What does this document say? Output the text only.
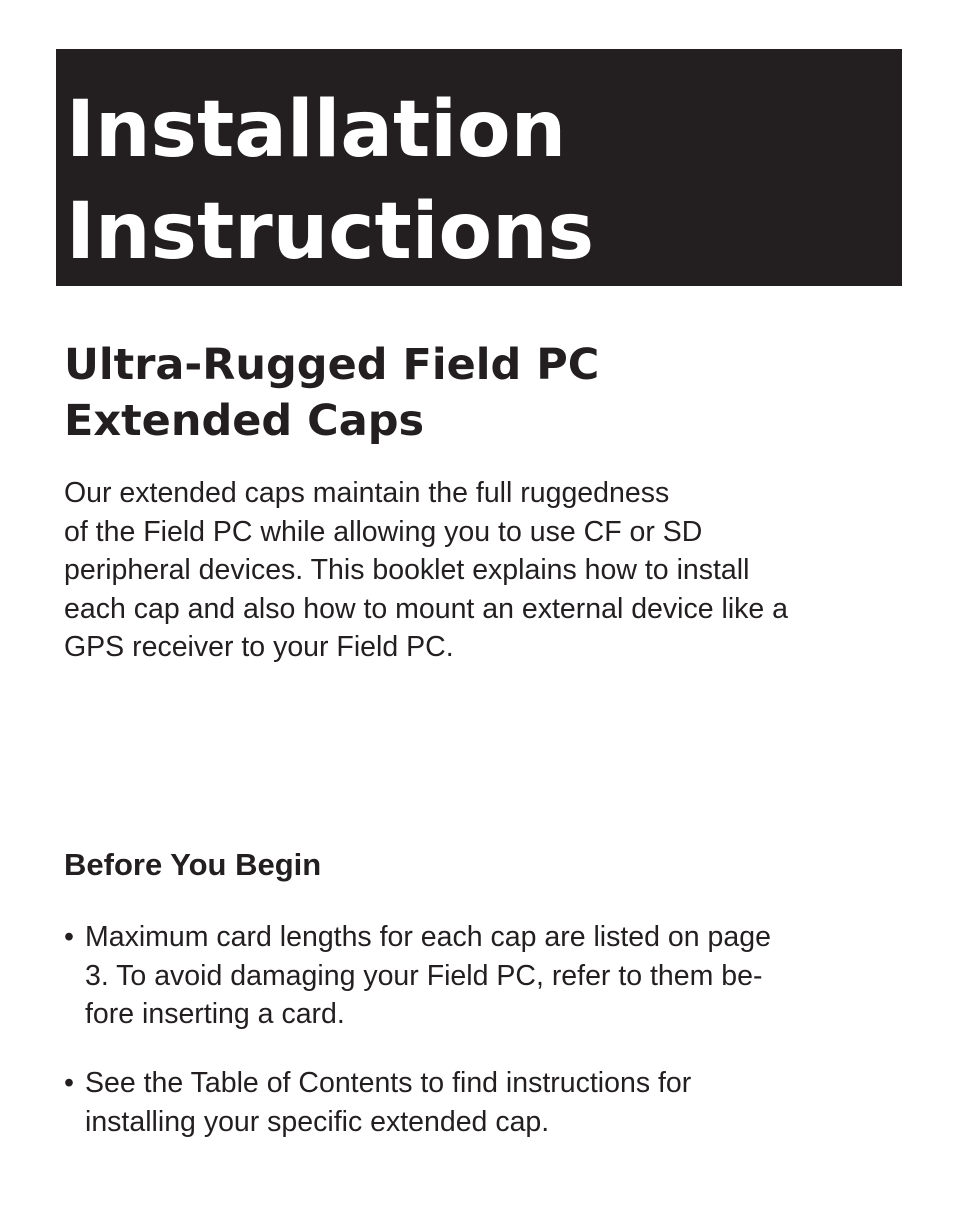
Installation
Instructions
Ultra-Rugged Field PC
Extended Caps

Our extended caps maintain the full ruggedness
of the Field PC while allowing you to use CF or SD
peripheral devices. This booklet explains how to install
each cap and also how to mount an external device like a
GPS receiver to your Field PC.

Before You Begin
• Maximum card lengths for each cap are listed on page
3. To avoid damaging your Field PC, refer to them be-
fore inserting a card.
• See the Table of Contents to find instructions for
installing your specific extended cap.
